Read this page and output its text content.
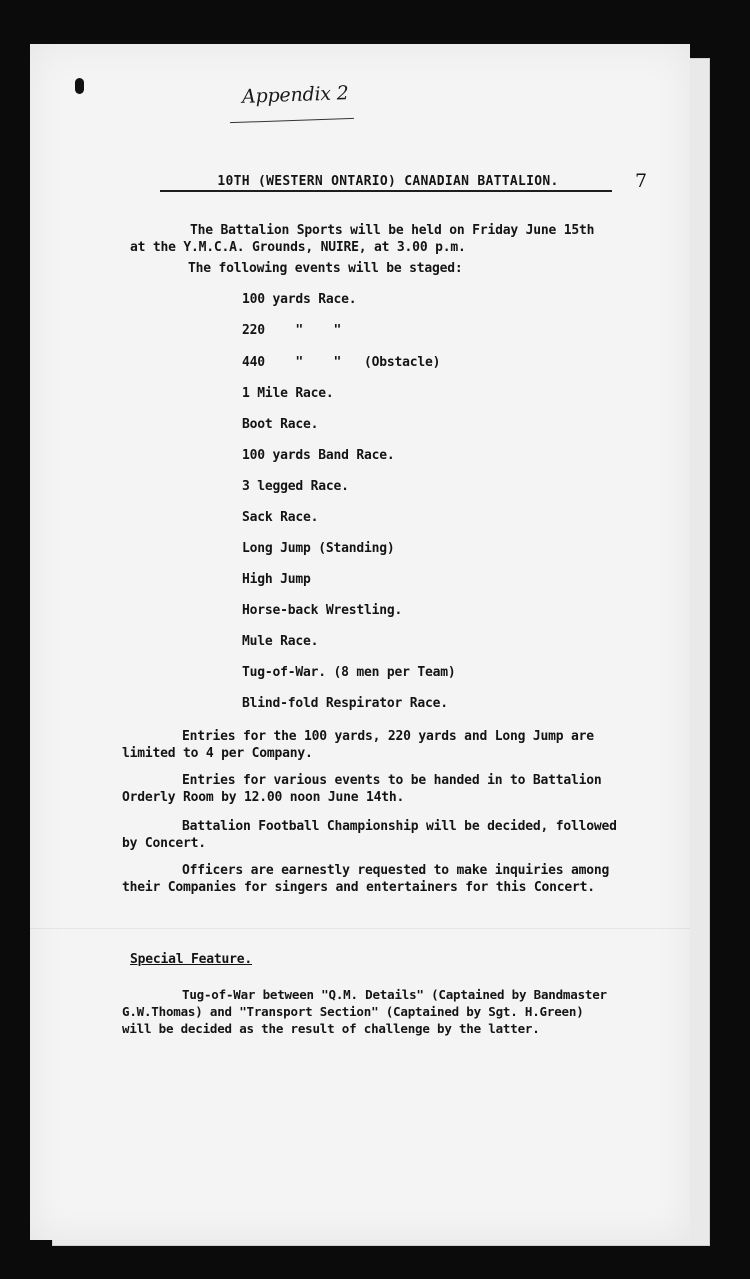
Appendix 2
7
10TH (WESTERN ONTARIO) CANADIAN BATTALION.
The Battalion Sports will be held on Friday June 15th
at the Y.M.C.A. Grounds, NUIRE, at 3.00 p.m.
The following events will be staged:
100 yards Race.
220    "    "
440    "    "   (Obstacle)
1 Mile Race.
Boot Race.
100 yards Band Race.
3 legged Race.
Sack Race.
Long Jump (Standing)
High Jump
Horse-back Wrestling.
Mule Race.
Tug-of-War. (8 men per Team)
Blind-fold Respirator Race.
Entries for the 100 yards, 220 yards and Long Jump are
limited to 4 per Company.
Entries for various events to be handed in to Battalion
Orderly Room by 12.00 noon June 14th.
Battalion Football Championship will be decided, followed
by Concert.
Officers are earnestly requested to make inquiries among
their Companies for singers and entertainers for this Concert.
Special Feature.
Tug-of-War between "Q.M. Details" (Captained by Bandmaster
G.W.Thomas) and "Transport Section" (Captained by Sgt. H.Green)
will be decided as the result of challenge by the latter.
